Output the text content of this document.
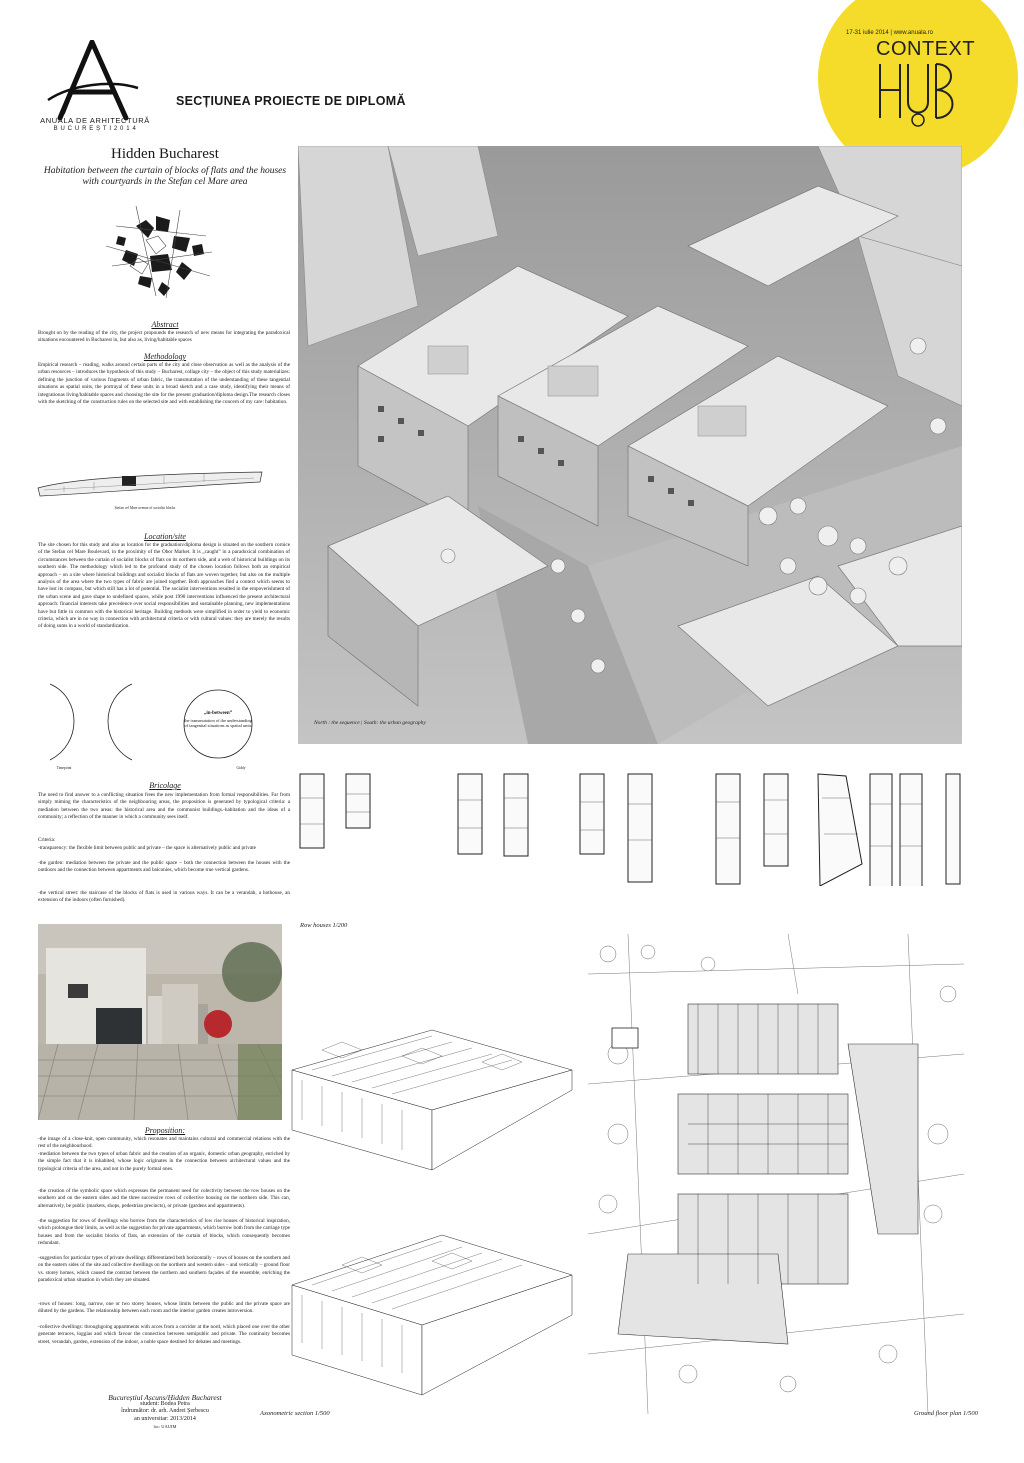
ANUALA DE ARHITECTURĂ
B U C U R E Ș T I 2 0 1 4
SECȚIUNEA PROIECTE DE DIPLOMĂ
17-31 iulie 2014 | www.anuala.ro
CONTEXT
Hidden Bucharest
Habitation between the curtain of blocks of flats and the houses with courtyards in the Stefan cel Mare area
Abstract
Brought on by the reading of the city, the project propounds the research of new means for integrating the paradoxical situations encountered in Bucharest in, but also as, living/habitable spaces
Methodology
Empirical research – reading, walks around certain parts of the city and close observation as well as the analysis of the urban resources – introduces the hypothesis of this study – Bucharest, collage city – the object of this study materializes: defining the junction of various fragments of urban fabric, the transmutation of the understanding of these tangential situations as spatial units, the portrayal of these units in a broad sketch and a case study, identifying their means of integrationas living/habitable spaces and choosing the site for the present graduation/diploma design.The research closes with the sketching of the construction rules on the selected site and with establishing the concern of my care: habitation.
Ștefan cel Mare avenue of socialist blocks
Location/site
The site chosen for this study and also as location for the graduation/diploma design is situated on the southern cornice of the Stefan cel Mare Boulevard, in the proximity of the Obor Market. It is „caught” in a paradoxical combination of circumstances between the curtain of socialist blocks of flats on its northern side, and a web of historical buildings on its southern side. The methodology which led to the profound study of the chosen location follows both an empirical approach – on a site where historical buildings and socialist blocks of flats are woven together, but also on the multiple analysis of the area where the two types of fabric are joined together. Both approaches find a context which seems to have lost its compass, but which still has a lot of potential. The socialist interventions resulted in the empoverishment of the urban scene and gave shape to undefined spaces, while post 1990 interventions influenced the present architectural approach: financial interests take precedence over social responsibilities and sustainable planning, new implementations have but little in common with the historical heritage. Building methods were simplified in order to yield to economic criteria, which are in no way in connection with architectural criteria or with cultural values: they are merely the results of doing sums in a world of standardization.
Timepoint	Giddy
„in-between”
the transmutation of the understanding of tangential situations as spatial units
Bricolage
The need to find answer to a conflicting situation frees the new implementation from formal responsibilities. Far from simply miming the characteristics of the neighbouring areas, the proposition is generated by typological criteria: a mediation between the two areas: the historical area and the communist buildings.-habitation and the ideas of a community; a reflection of the manner in which a community sees itself.
Criteria:
-transparency: the flexible limit between public and private – the space is alternatively public and private
-the garden: mediation between the private and the public space – both the connection between the houses with the outdoors and the connection between appartments and balconies, which become true vertical gardens.
-the vertical street: the staircase of the blocks of flats is used in various ways. It can be a verandah, a hothouse, an extension of the indoors (often furnished).
Proposition:
-the image of a close-knit, open community, which resonates and maintains cultural and commercial relations with the rest of the neighbourhood.
-mediation between the two types of urban fabric and the creation of an organic, domestic urban geography, enriched by the simple fact that it is inhabited, whose logic originates in the connection between architectural values and the typological criteria of the area, and not in the purely formal ones.
-the creation of the symbolic space which expresses the permanent need for colectivity between the row houses on the southern and on the eastern sides and the three successive rows of collective housing on the northern side. This can, alternatively, be public (markets, shops, pedestrian precincts), or private (gardens and appartments).
-the suggestion for rows of dwellings who borrow from the characteristics of low rise houses of historical inspiration, which prolongue their limits, as well as the suggestion for private appartments, which borrow both from the carriage type houses and from the socialist blocks of flats, an extension of the curtain of blocks, which consequently becomes redundant.
-suggestion for particular types of private dwellings differentiated both horizontally – rows of houses on the southern and on the eastern sides of the site and collective dwellings on the northern and western sides – and vertically – ground floor vs. storey homes, which caused the contrast between the northern and southern façades of the ensemble, enriching the paradoxical urban situation in which they are situated.
-rows of houses: long, narrow, one or two storey houses, whose limits between the public and the private space are diluted by the gardens. The relationship between each room and the interior garden creates introversion.
-collective dwellings: throughgoing appartments with acces from a corridor at the nord, which placed one over the other generate terraces, loggias and which favour the connection between semipublic and private. The continuity becomes street, verandah, garden, extension of the indoor, a noble space destined for debates and meetings.
Bucureștiul Ascuns/Hidden Bucharest
student: Bodea Petra
îndrumător: dr. arh. Andrei Șerbescu
an universitar: 2013/2014
loc: UAUIM
North : the sequence | South: the urban geography
Row houses 1/200
Axonometric section 1/500	Ground floor plan 1/500
